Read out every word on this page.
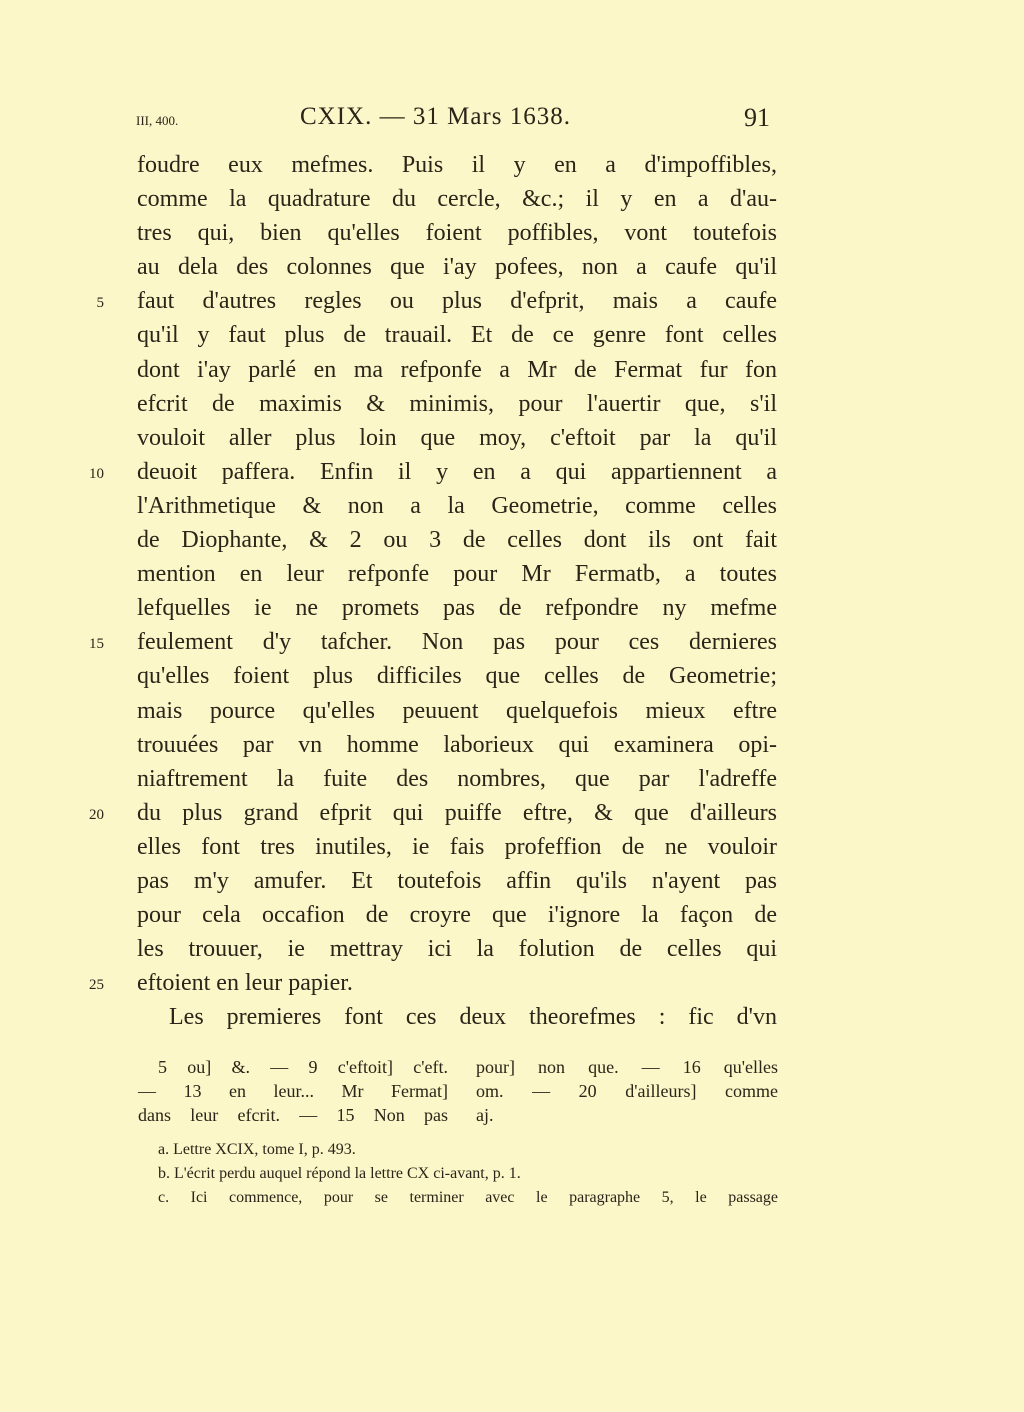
III, 400.	CXIX. — 31 Mars 1638.	91
foudre eux mefmes. Puis il y en a d'impoffibles,
comme la quadrature du cercle, &c.; il y en a d'au-
tres qui, bien qu'elles foient poffibles, vont toutefois
au dela des colonnes que i'ay pofees, non a caufe qu'il
5 faut d'autres regles ou plus d'efprit, mais a caufe
qu'il y faut plus de trauail. Et de ce genre font celles
dont i'ay parlé en ma refponfe a Mr de Fermat fur fon
efcrit de maximis & minimis, pour l'auertir que, s'il
vouloit aller plus loin que moy, c'eftoit par la qu'il
10 deuoit paffera. Enfin il y en a qui appartiennent a
l'Arithmetique & non a la Geometrie, comme celles
de Diophante, & 2 ou 3 de celles dont ils ont fait
mention en leur refponfe pour Mr Fermatb, a toutes
lefquelles ie ne promets pas de refpondre ny mefme
15 feulement d'y tafcher. Non pas pour ces dernieres
qu'elles foient plus difficiles que celles de Geometrie;
mais pource qu'elles peuuent quelquefois mieux eftre
trouuées par vn homme laborieux qui examinera opi-
niaftrement la fuite des nombres, que par l'adreffe
20 du plus grand efprit qui puiffe eftre, & que d'ailleurs
elles font tres inutiles, ie fais profeffion de ne vouloir
pas m'y amufer. Et toutefois affin qu'ils n'ayent pas
pour cela occafion de croyre que i'ignore la façon de
les trouuer, ie mettray ici la folution de celles qui
25 eftoient en leur papier.
Les premieres font ces deux theorefmes : fic d'vn
5 ou] &. — 9 c'eftoit] c'eft.
— 13 en leur... Mr Fermat]
dans leur efcrit. — 15 Non pas
pour] non que. — 16 qu'elles
om. — 20 d'ailleurs] comme
aj.
a. Lettre XCIX, tome I, p. 493.
b. L'écrit perdu auquel répond la lettre CX ci-avant, p. 1.
c. Ici commence, pour se terminer avec le paragraphe 5, le passage
